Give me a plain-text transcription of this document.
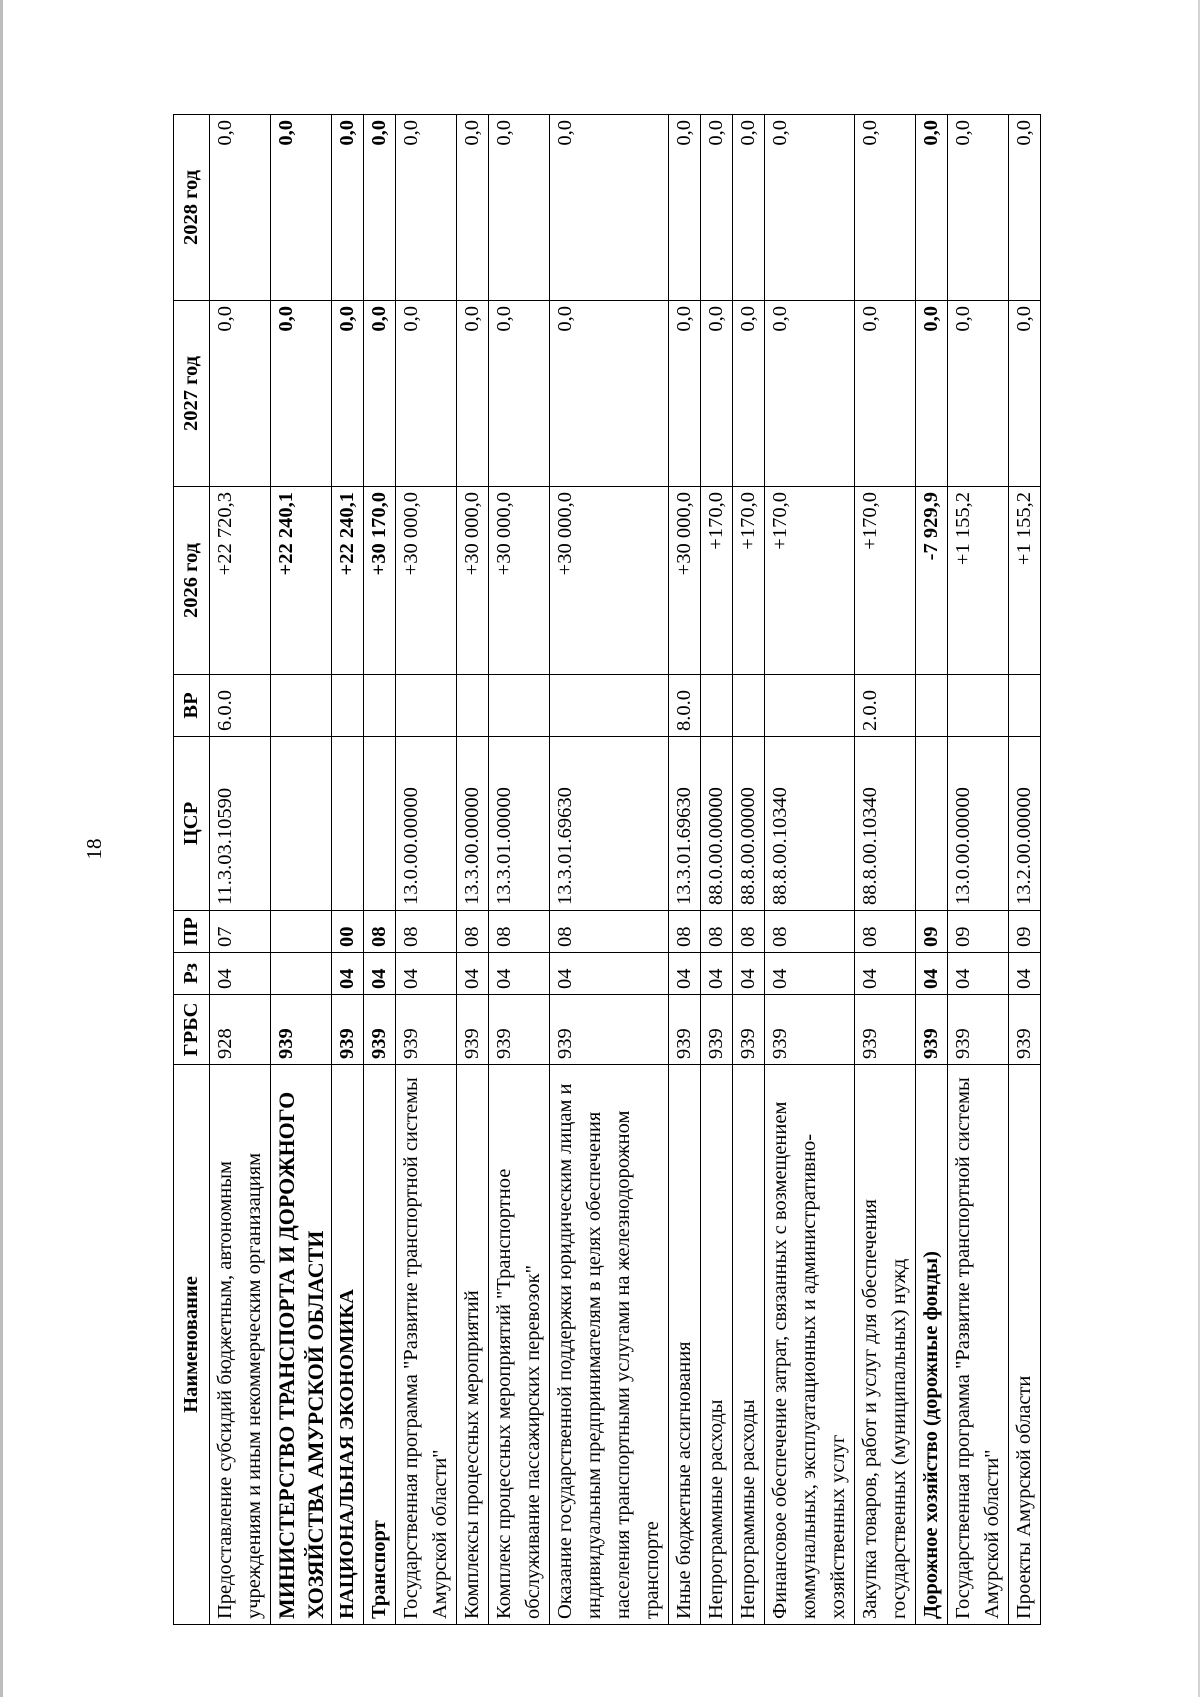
18
Наименование	ГРБС	Рз	ПР	ЦСР	ВР	2026 год	2027 год	2028 год
Предоставление субсидий бюджетным, автономным учреждениям и иным некоммерческим организациям	928	04	07	11.3.03.10590	6.0.0	+22 720,3	0,0	0,0
МИНИСТЕРСТВО ТРАНСПОРТА И ДОРОЖНОГО ХОЗЯЙСТВА АМУРСКОЙ ОБЛАСТИ	939					+22 240,1	0,0	0,0
НАЦИОНАЛЬНАЯ ЭКОНОМИКА	939	04	00			+22 240,1	0,0	0,0
Транспорт	939	04	08			+30 170,0	0,0	0,0
Государственная программа "Развитие транспортной системы Амурской области"	939	04	08	13.0.00.00000		+30 000,0	0,0	0,0
Комплексы процессных мероприятий	939	04	08	13.3.00.00000		+30 000,0	0,0	0,0
Комплекс процессных мероприятий "Транспортное обслуживание пассажирских перевозок"	939	04	08	13.3.01.00000		+30 000,0	0,0	0,0
Оказание государственной поддержки юридическим лицам и индивидуальным предпринимателям в целях обеспечения населения транспортными услугами на железнодорожном транспорте	939	04	08	13.3.01.69630		+30 000,0	0,0	0,0
Иные бюджетные ассигнования	939	04	08	13.3.01.69630	8.0.0	+30 000,0	0,0	0,0
Непрограммные расходы	939	04	08	88.0.00.00000		+170,0	0,0	0,0
Непрограммные расходы	939	04	08	88.8.00.00000		+170,0	0,0	0,0
Финансовое обеспечение затрат, связанных с возмещением коммунальных, эксплуатационных и административно-хозяйственных услуг	939	04	08	88.8.00.10340		+170,0	0,0	0,0
Закупка товаров, работ и услуг для обеспечения государственных (муниципальных) нужд	939	04	08	88.8.00.10340	2.0.0	+170,0	0,0	0,0
Дорожное хозяйство (дорожные фонды)	939	04	09			-7 929,9	0,0	0,0
Государственная программа "Развитие транспортной системы Амурской области"	939	04	09	13.0.00.00000		+1 155,2	0,0	0,0
Проекты Амурской области	939	04	09	13.2.00.00000		+1 155,2	0,0	0,0
